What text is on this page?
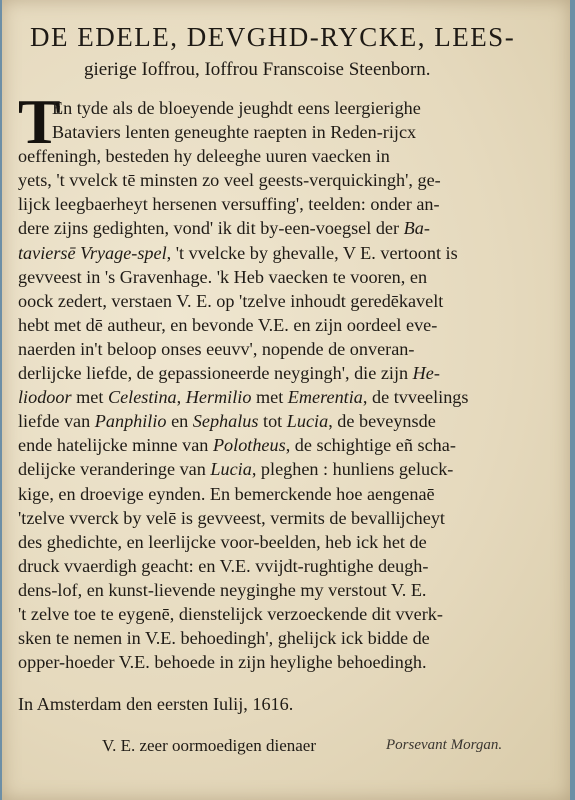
DE EDELE, DEVGHD-RYCKE, LEES-
gierige Ioffrou, Ioffrou Franscoise Steenborn.
T
En tyde als de bloeyende jeughdt eens leergierighe
Bataviers lenten geneughte raepten in Reden-rijcx
oeffeningh, besteden hy deleeghe uuren vaecken in
yets, 't vvelck tē minsten zo veel geests-verquickingh', ge-
lijck leegbaerheyt hersenen versuffing', teelden: onder an-
dere zijns gedighten, vond' ik dit by-een-voegsel der Ba-
taviersē Vryage-spel, 't vvelcke by ghevalle, V E. vertoont is
gevveest in 's Gravenhage. 'k Heb vaecken te vooren, en
oock zedert, verstaen V. E. op 'tzelve inhoudt geredēkavelt
hebt met dē autheur, en bevonde V.E. en zijn oordeel eve-
naerden in't beloop onses eeuvv', nopende de onveran-
derlijcke liefde, de gepassioneerde neygingh', die zijn He-
liodoor met Celestina, Hermilio met Emerentia, de tvveelings
liefde van Panphilio en Sephalus tot Lucia, de beveynsde
ende hatelijcke minne van Polotheus, de schightige eñ scha-
delijcke veranderinge van Lucia, pleghen : hunliens geluck-
kige, en droevige eynden. En bemerckende hoe aengenaē
'tzelve vverck by velē is gevveest, vermits de bevallijcheyt
des ghedichte, en leerlijcke voor-beelden, heb ick het de
druck vvaerdigh geacht: en V.E. vvijdt-rughtighe deugh-
dens-lof, en kunst-lievende neyginghe my verstout V. E.
't zelve toe te eygenē, dienstelijck verzoeckende dit vverk-
sken te nemen in V.E. behoedingh', ghelijck ick bidde de
opper-hoeder V.E. behoede in zijn heylighe behoedingh.
In Amsterdam den eersten Iulij, 1616.
V. E. zeer oormoedigen dienaer	Porsevant Morgan.
